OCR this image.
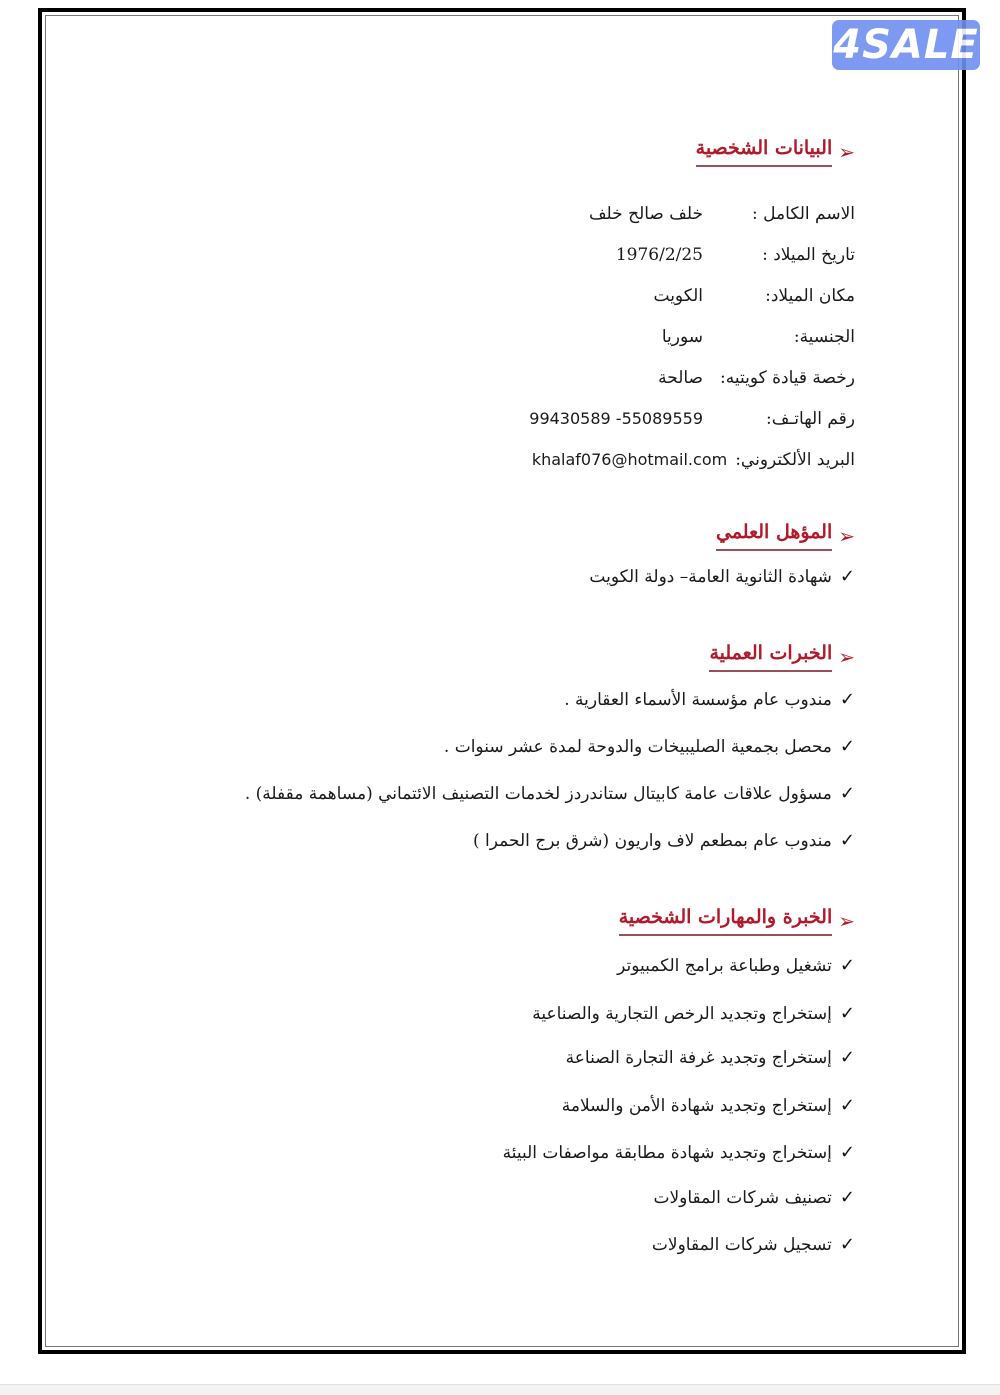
4SALE
➢
البيانات الشخصية
الاسم الكامل :
خلف صالح خلف
تاريخ الميلاد :
1976/2/25
مكان الميلاد:
الكويت
الجنسية:
سوريا
رخصة قيادة كويتيه:
صالحة
رقم الهاتـف:
99430589 -55089559
البريد الألكتروني:
khalaf076@hotmail.com
➢
المؤهل العلمي
✓
شهادة الثانوية العامة– دولة الكويت
➢
الخبرات العملية
✓
مندوب عام مؤسسة الأسماء العقارية .
✓
محصل بجمعية الصليبيخات والدوحة لمدة عشر سنوات .
✓
مسؤول علاقات عامة كابيتال ستاندردز لخدمات التصنيف الائتماني (مساهمة مقفلة) .
✓
مندوب عام بمطعم لاف واريون (شرق برج الحمرا )
➢
الخبرة والمهارات الشخصية
✓
تشغيل وطباعة برامج الكمبيوتر
✓
إستخراج وتجديد الرخص التجارية والصناعية
✓
إستخراج وتجديد غرفة التجارة الصناعة
✓
إستخراج وتجديد شهادة الأمن والسلامة
✓
إستخراج وتجديد شهادة مطابقة مواصفات البيئة
✓
تصنيف شركات المقاولات
✓
تسجيل شركات المقاولات
